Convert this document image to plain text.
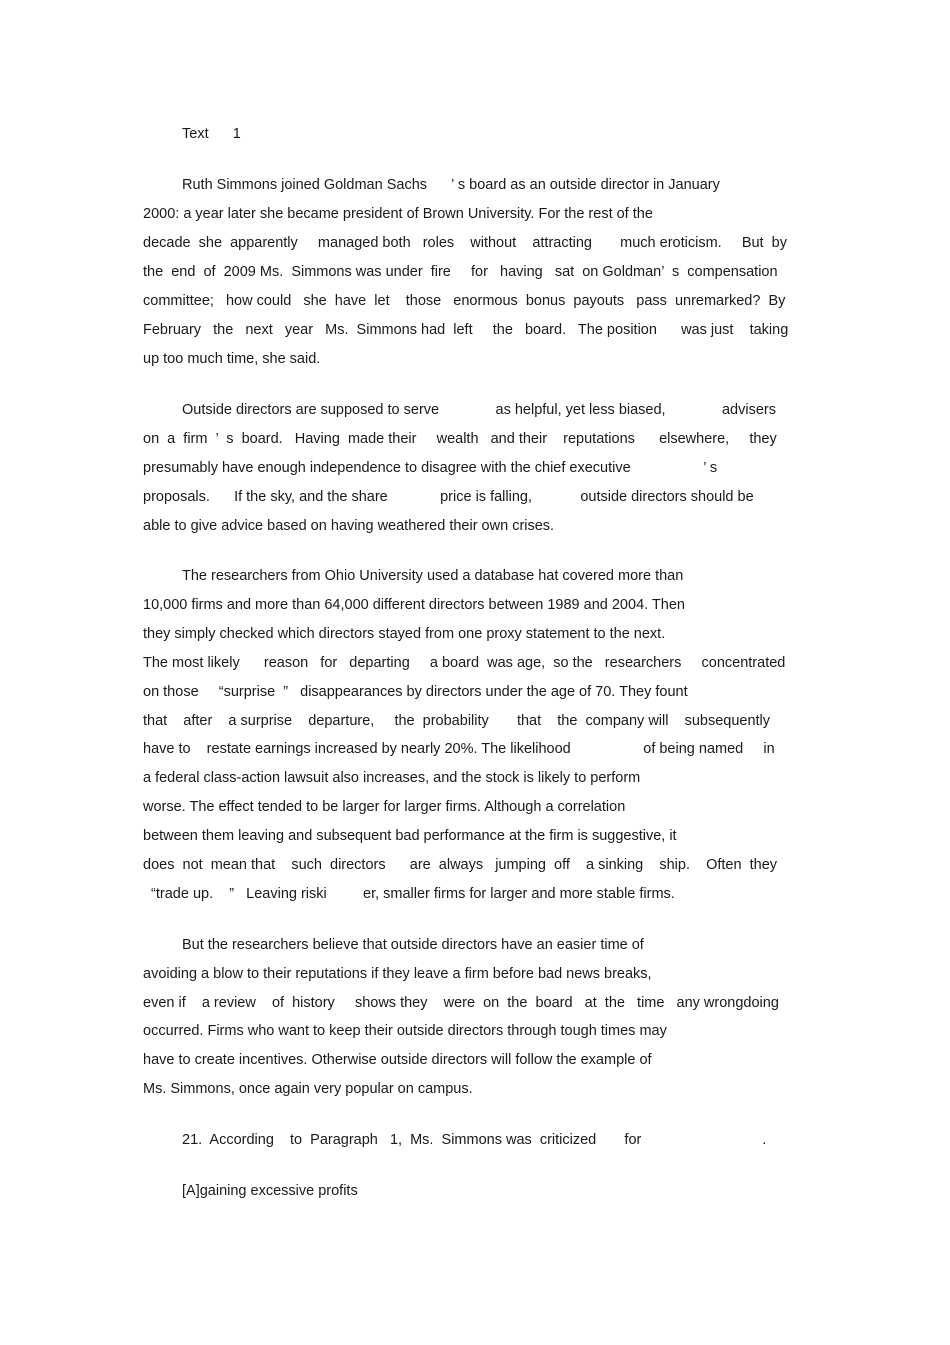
Text      1
Ruth Simmons joined Goldman Sachs      ’ s board as an outside director in January
2000: a year later she became president of Brown University. For the rest of the
decade  she  apparently     managed both   roles    without    attracting       much eroticism.     But  by
the  end  of  2009 Ms.  Simmons was under  fire     for   having   sat  on Goldman’  s  compensation
committee;   how could   she  have  let    those   enormous  bonus  payouts   pass  unremarked?  By
February   the   next   year   Ms.  Simmons had  left     the   board.   The position      was just    taking
up too much time, she said.
Outside directors are supposed to serve              as helpful, yet less biased,              advisers
on  a  firm  ’  s  board.   Having  made their     wealth   and their    reputations      elsewhere,     they
presumably have enough independence to disagree with the chief executive                  ’ s
proposals.      If the sky, and the share             price is falling,            outside directors should be
able to give advice based on having weathered their own crises.
The researchers from Ohio University used a database hat covered more than
10,000 firms and more than 64,000 different directors between 1989 and 2004. Then
they simply checked which directors stayed from one proxy statement to the next.
The most likely      reason   for   departing     a board  was age,  so the   researchers     concentrated
on those     “surprise  ”   disappearances by directors under the age of 70. They fount
that    after    a surprise    departure,     the  probability       that    the  company will    subsequently
have to    restate earnings increased by nearly 20%. The likelihood                  of being named     in
a federal class-action lawsuit also increases, and the stock is likely to perform
worse. The effect tended to be larger for larger firms. Although a correlation
between them leaving and subsequent bad performance at the firm is suggestive, it
does  not  mean that    such  directors      are  always   jumping  off    a sinking    ship.    Often  they
“trade up.    ”   Leaving riski         er, smaller firms for larger and more stable firms.
But the researchers believe that outside directors have an easier time of
avoiding a blow to their reputations if they leave a firm before bad news breaks,
even if    a review    of  history     shows they    were  on  the  board   at  the   time   any wrongdoing
occurred. Firms who want to keep their outside directors through tough times may
have to create incentives. Otherwise outside directors will follow the example of
Ms. Simmons, once again very popular on campus.
21.  According    to  Paragraph   1,  Ms.  Simmons was  criticized       for                              .
[A]gaining excessive profits
